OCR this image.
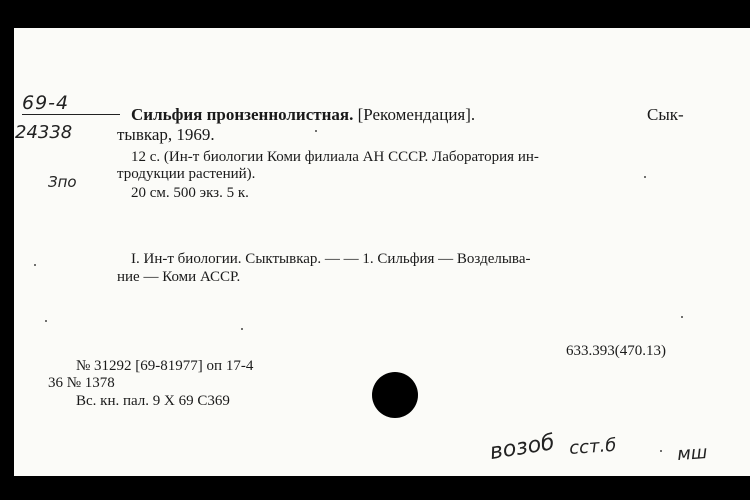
69-4
24338
Зпо
Сильфия пронзеннолистная. [Рекомендация].	Сык-
тывкар, 1969.
12 с. (Ин-т биологии Коми филиала АН СССР. Лаборатория ин-
тродукции растений).
20 см. 500 экз. 5 к.
I. Ин-т биологии. Сыктывкар. — — 1. Сильфия — Возделыва-
ние — Коми АССР.
633.393(470.13)
№ 31292 [69-81977] оп 17-4
36 № 1378
Вс. кн. пал. 9 X 69 С369
возоб сст.б	мш
